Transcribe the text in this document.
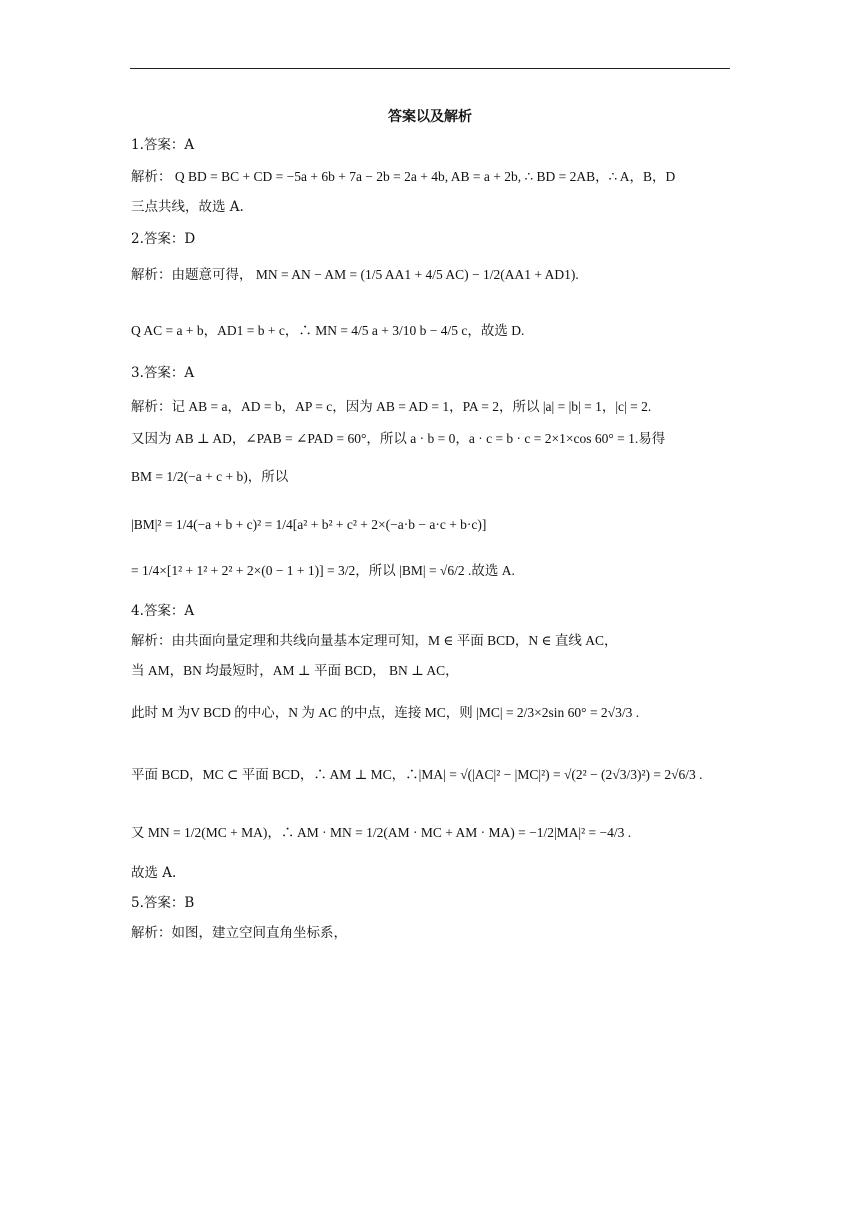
答案以及解析
1.答案：A
解析： Q BD = BC + CD = −5a + 6b + 7a − 2b = 2a + 4b, AB = a + 2b, ∴ BD = 2AB，∴ A，B，D
三点共线，故选 A.
2.答案：D
解析：由题意可得， MN = AN − AM = (1/5 AA1 + 4/5 AC) − 1/2(AA1 + AD1).
Q AC = a + b，AD1 = b + c，∴ MN = 4/5 a + 3/10 b − 4/5 c，故选 D.
3.答案：A
解析：记 AB = a，AD = b，AP = c，因为 AB = AD = 1，PA = 2，所以 |a| = |b| = 1，|c| = 2.
又因为 AB ⊥ AD，∠PAB = ∠PAD = 60°，所以 a · b = 0，a · c = b · c = 2×1×cos 60° = 1.易得
BM = 1/2(−a + c + b)，所以
|BM|² = 1/4(−a + b + c)² = 1/4[a² + b² + c² + 2×(−a·b − a·c + b·c)]
= 1/4×[1² + 1² + 2² + 2×(0 − 1 + 1)] = 3/2，所以 |BM| = √6/2 .故选 A.
4.答案：A
解析：由共面向量定理和共线向量基本定理可知，M ∈ 平面 BCD，N ∈ 直线 AC，
当 AM，BN 均最短时，AM ⊥ 平面 BCD， BN ⊥ AC，
此时 M 为V BCD 的中心，N 为 AC 的中点，连接 MC，则 |MC| = 2/3×2sin 60° = 2√3/3 .
平面 BCD，MC ⊂ 平面 BCD，∴ AM ⊥ MC，∴|MA| = √(|AC|² − |MC|²) = √(2² − (2√3/3)²) = 2√6/3 .
又 MN = 1/2(MC + MA)，∴ AM · MN = 1/2(AM · MC + AM · MA) = −1/2|MA|² = −4/3 .
故选 A.
5.答案：B
解析：如图，建立空间直角坐标系，
